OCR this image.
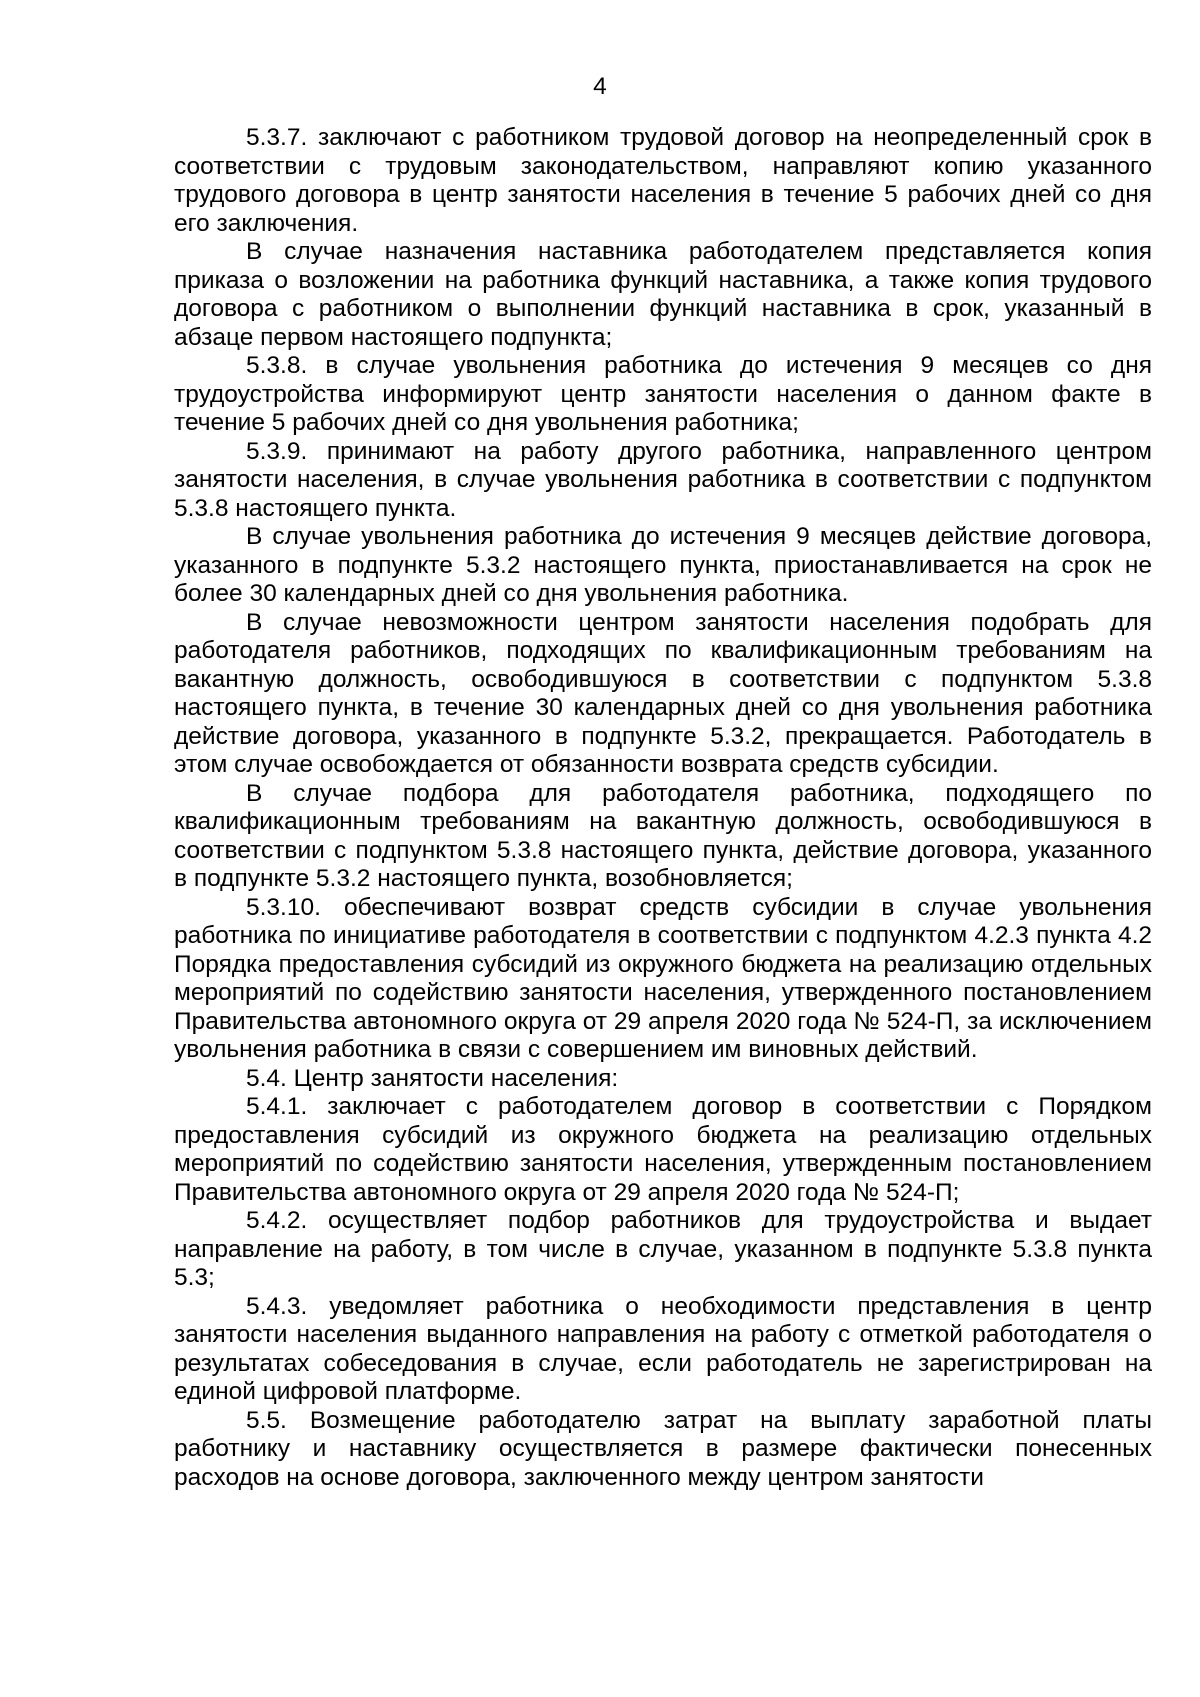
4

5.3.7. заключают с работником трудовой договор на неопределенный срок в соответствии с трудовым законодательством, направляют копию указанного трудового договора в центр занятости населения в течение 5 рабочих дней со дня его заключения.

В случае назначения наставника работодателем представляется копия приказа о возложении на работника функций наставника, а также копия трудового договора с работником о выполнении функций наставника в срок, указанный в абзаце первом настоящего подпункта;

5.3.8. в случае увольнения работника до истечения 9 месяцев со дня трудоустройства информируют центр занятости населения о данном факте в течение 5 рабочих дней со дня увольнения работника;

5.3.9. принимают на работу другого работника, направленного центром занятости населения, в случае увольнения работника в соответствии с подпунктом 5.3.8 настоящего пункта.

В случае увольнения работника до истечения 9 месяцев действие договора, указанного в подпункте 5.3.2 настоящего пункта, приостанавливается на срок не более 30 календарных дней со дня увольнения работника.

В случае невозможности центром занятости населения подобрать для работодателя работников, подходящих по квалификационным требованиям на вакантную должность, освободившуюся в соответствии с подпунктом 5.3.8 настоящего пункта, в течение 30 календарных дней со дня увольнения работника действие договора, указанного в подпункте 5.3.2, прекращается. Работодатель в этом случае освобождается от обязанности возврата средств субсидии.

В случае подбора для работодателя работника, подходящего по квалификационным требованиям на вакантную должность, освободившуюся в соответствии с подпунктом 5.3.8 настоящего пункта, действие договора, указанного в подпункте 5.3.2 настоящего пункта, возобновляется;

5.3.10. обеспечивают возврат средств субсидии в случае увольнения работника по инициативе работодателя в соответствии с подпунктом 4.2.3 пункта 4.2 Порядка предоставления субсидий из окружного бюджета на реализацию отдельных мероприятий по содействию занятости населения, утвержденного постановлением Правительства автономного округа от 29 апреля 2020 года № 524-П, за исключением увольнения работника в связи с совершением им виновных действий.

5.4. Центр занятости населения:

5.4.1. заключает с работодателем договор в соответствии с Порядком предоставления субсидий из окружного бюджета на реализацию отдельных мероприятий по содействию занятости населения, утвержденным постановлением Правительства автономного округа от 29 апреля 2020 года № 524-П;

5.4.2. осуществляет подбор работников для трудоустройства и выдает направление на работу, в том числе в случае, указанном в подпункте 5.3.8 пункта 5.3;

5.4.3. уведомляет работника о необходимости представления в центр занятости населения выданного направления на работу с отметкой работодателя о результатах собеседования в случае, если работодатель не зарегистрирован на единой цифровой платформе.

5.5. Возмещение работодателю затрат на выплату заработной платы работнику и наставнику осуществляется в размере фактически понесенных расходов на основе договора, заключенного между центром занятости
